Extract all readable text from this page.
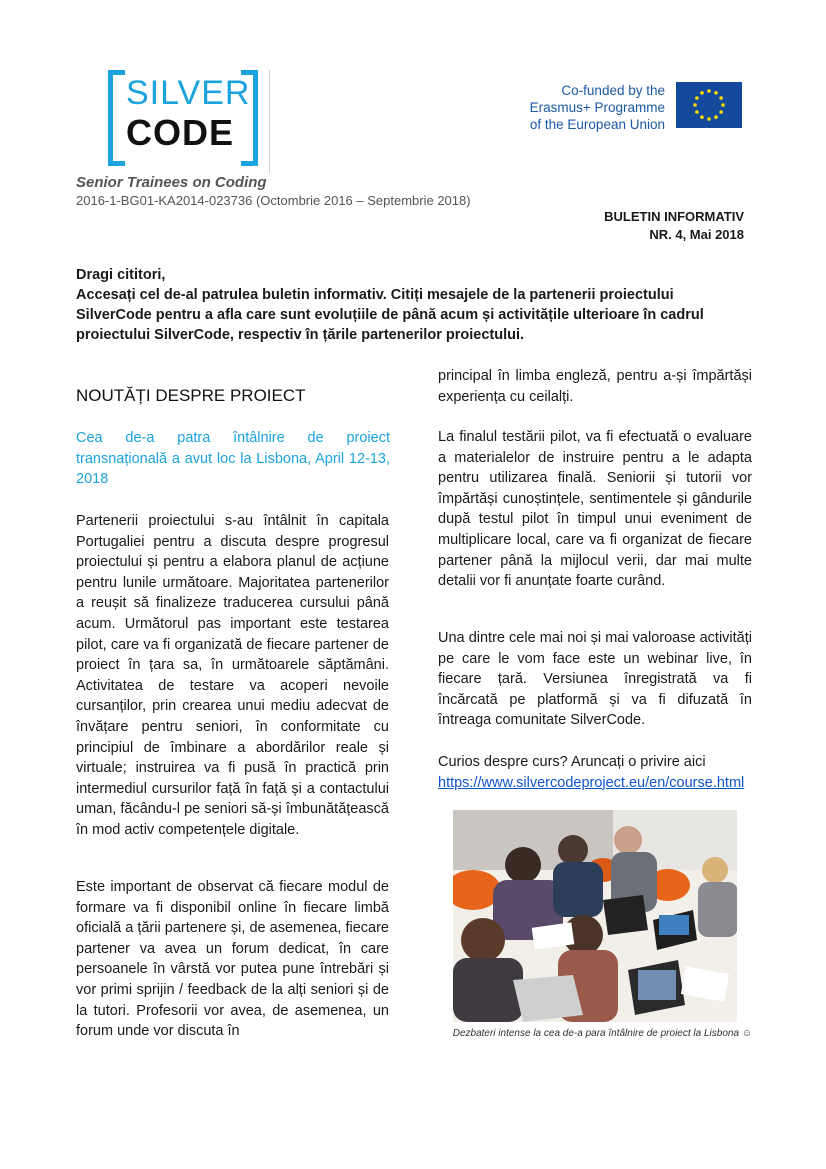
SILVER
CODE
Co-funded by the
Erasmus+ Programme
of the European Union
Senior Trainees on Coding
2016-1-BG01-KA2014-023736 (Octombrie 2016 – Septembrie 2018)
BULETIN INFORMATIV
NR. 4, Mai 2018
Dragi cititori,
Accesați cel de-al patrulea buletin informativ. Citiți mesajele de la partenerii proiectului SilverCode pentru a afla care sunt evoluțiile de până acum și activitățile ulterioare în cadrul proiectului SilverCode, respectiv în țările partenerilor proiectului.
NOUTĂȚI DESPRE PROIECT
Cea de-a patra întâlnire de proiect transnațională a avut loc la Lisbona, April 12-13, 2018
Partenerii proiectului s-au întâlnit în capitala Portugaliei pentru a discuta despre progresul proiectului și pentru a elabora planul de acțiune pentru lunile următoare. Majoritatea partenerilor a reușit să finalizeze traducerea cursului până acum. Următorul pas important este testarea pilot, care va fi organizată de fiecare partener de proiect în țara sa, în următoarele săptămâni. Activitatea de testare va acoperi nevoile cursanților, prin crearea unui mediu adecvat de învățare pentru seniori, în conformitate cu principiul de îmbinare a abordărilor reale și virtuale; instruirea va fi pusă în practică prin intermediul cursurilor față în față și a contactului uman, făcându-l pe seniori să-și îmbunătățească în mod activ competențele digitale.
Este important de observat că fiecare modul de formare va fi disponibil online în fiecare limbă oficială a țării partenere și, de asemenea, fiecare partener va avea un forum dedicat, în care persoanele în vârstă vor putea pune întrebări și vor primi sprijin / feedback de la alți seniori și de la tutori. Profesorii vor avea, de asemenea, un forum unde vor discuta în
principal în limba engleză, pentru a-și împărtăși experiența cu ceilalți.
La finalul testării pilot, va fi efectuată o evaluare a materialelor de instruire pentru a le adapta pentru utilizarea finală. Seniorii și tutorii vor împărtăși cunoștințele, sentimentele și gândurile după testul pilot în timpul unui eveniment de multiplicare local, care va fi organizat de fiecare partener până la mijlocul verii, dar mai multe detalii vor fi anunțate foarte curând.
Una dintre cele mai noi și mai valoroase activități pe care le vom face este un webinar live, în fiecare țară. Versiunea înregistrată va fi încărcată pe platformă și va fi difuzată în întreaga comunitate SilverCode.
Curios despre curs? Aruncați o privire aici
https://www.silvercodeproject.eu/en/course.html
Dezbateri intense la cea de-a para întâlnire de proiect la Lisbona ☺
